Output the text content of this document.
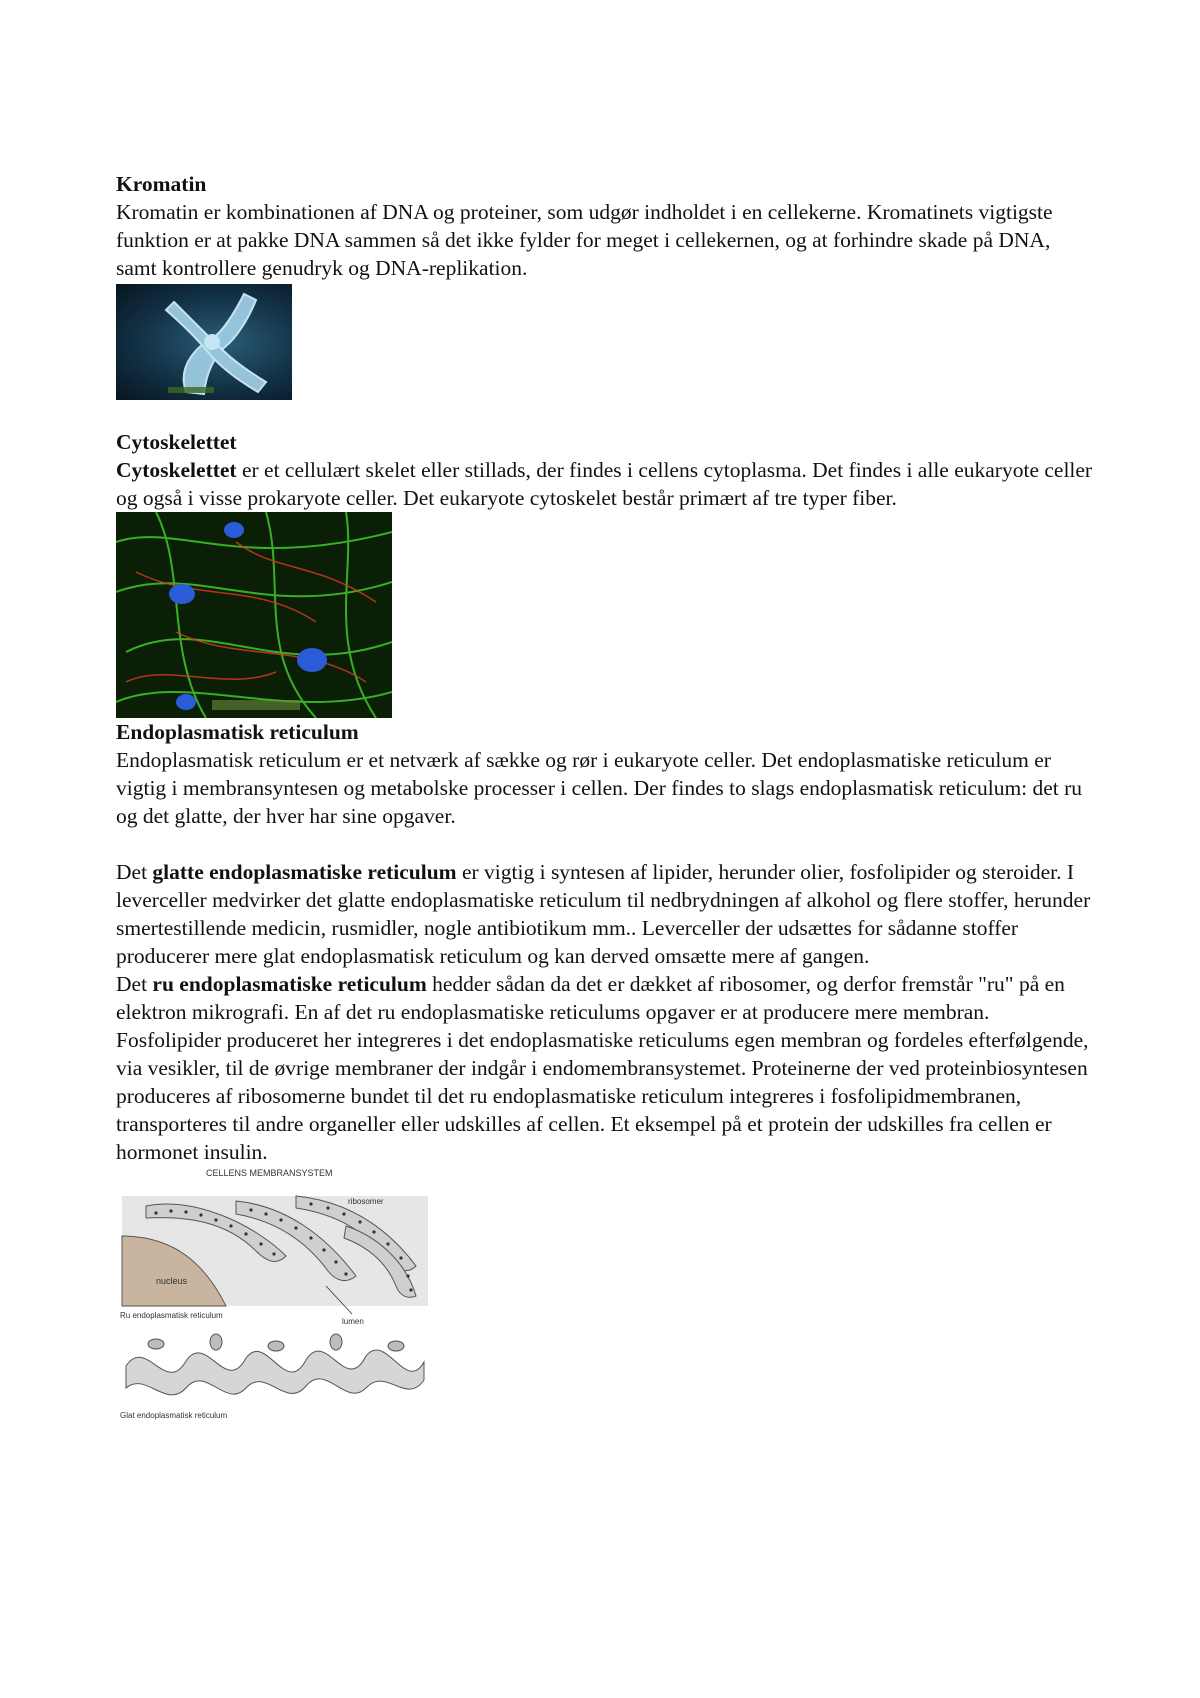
Kromatin

Kromatin er kombinationen af DNA og proteiner, som udgør indholdet i en cellekerne. Kromatinets vigtigste funktion er at pakke DNA sammen så det ikke fylder for meget i cellekernen, og at forhindre skade på DNA, samt kontrollere genudryk og DNA-replikation.

Cytoskelettet

Cytoskelettet er et cellulært skelet eller stillads, der findes i cellens cytoplasma. Det findes i alle eukaryote celler og også i visse prokaryote celler. Det eukaryote cytoskelet består primært af tre typer fiber.

Endoplasmatisk reticulum

Endoplasmatisk reticulum er et netværk af sække og rør i eukaryote celler. Det endoplasmatiske reticulum er vigtig i membransyntesen og metabolske processer i cellen. Der findes to slags endoplasmatisk reticulum: det ru og det glatte, der hver har sine opgaver.

Det glatte endoplasmatiske reticulum er vigtig i syntesen af lipider, herunder olier, fosfolipider og steroider. I leverceller medvirker det glatte endoplasmatiske reticulum til nedbrydningen af alkohol og flere stoffer, herunder smertestillende medicin, rusmidler, nogle antibiotikum mm.. Leverceller der udsættes for sådanne stoffer producerer mere glat endoplasmatisk reticulum og kan derved omsætte mere af gangen.

Det ru endoplasmatiske reticulum hedder sådan da det er dækket af ribosomer, og derfor fremstår "ru" på en elektron mikrografi. En af det ru endoplasmatiske reticulums opgaver er at producere mere membran. Fosfolipider produceret her integreres i det endoplasmatiske reticulums egen membran og fordeles efterfølgende, via vesikler, til de øvrige membraner der indgår i endomembransystemet. Proteinerne der ved proteinbiosyntesen produceres af ribosomerne bundet til det ru endoplasmatiske reticulum integreres i fosfolipidmembranen, transporteres til andre organeller eller udskilles af cellen. Et eksempel på et protein der udskilles fra cellen er hormonet insulin.

CELLENS MEMBRANSYSTEM
nucleus
ribosomer
Ru endoplasmatisk reticulum
lumen
Glat endoplasmatisk reticulum
